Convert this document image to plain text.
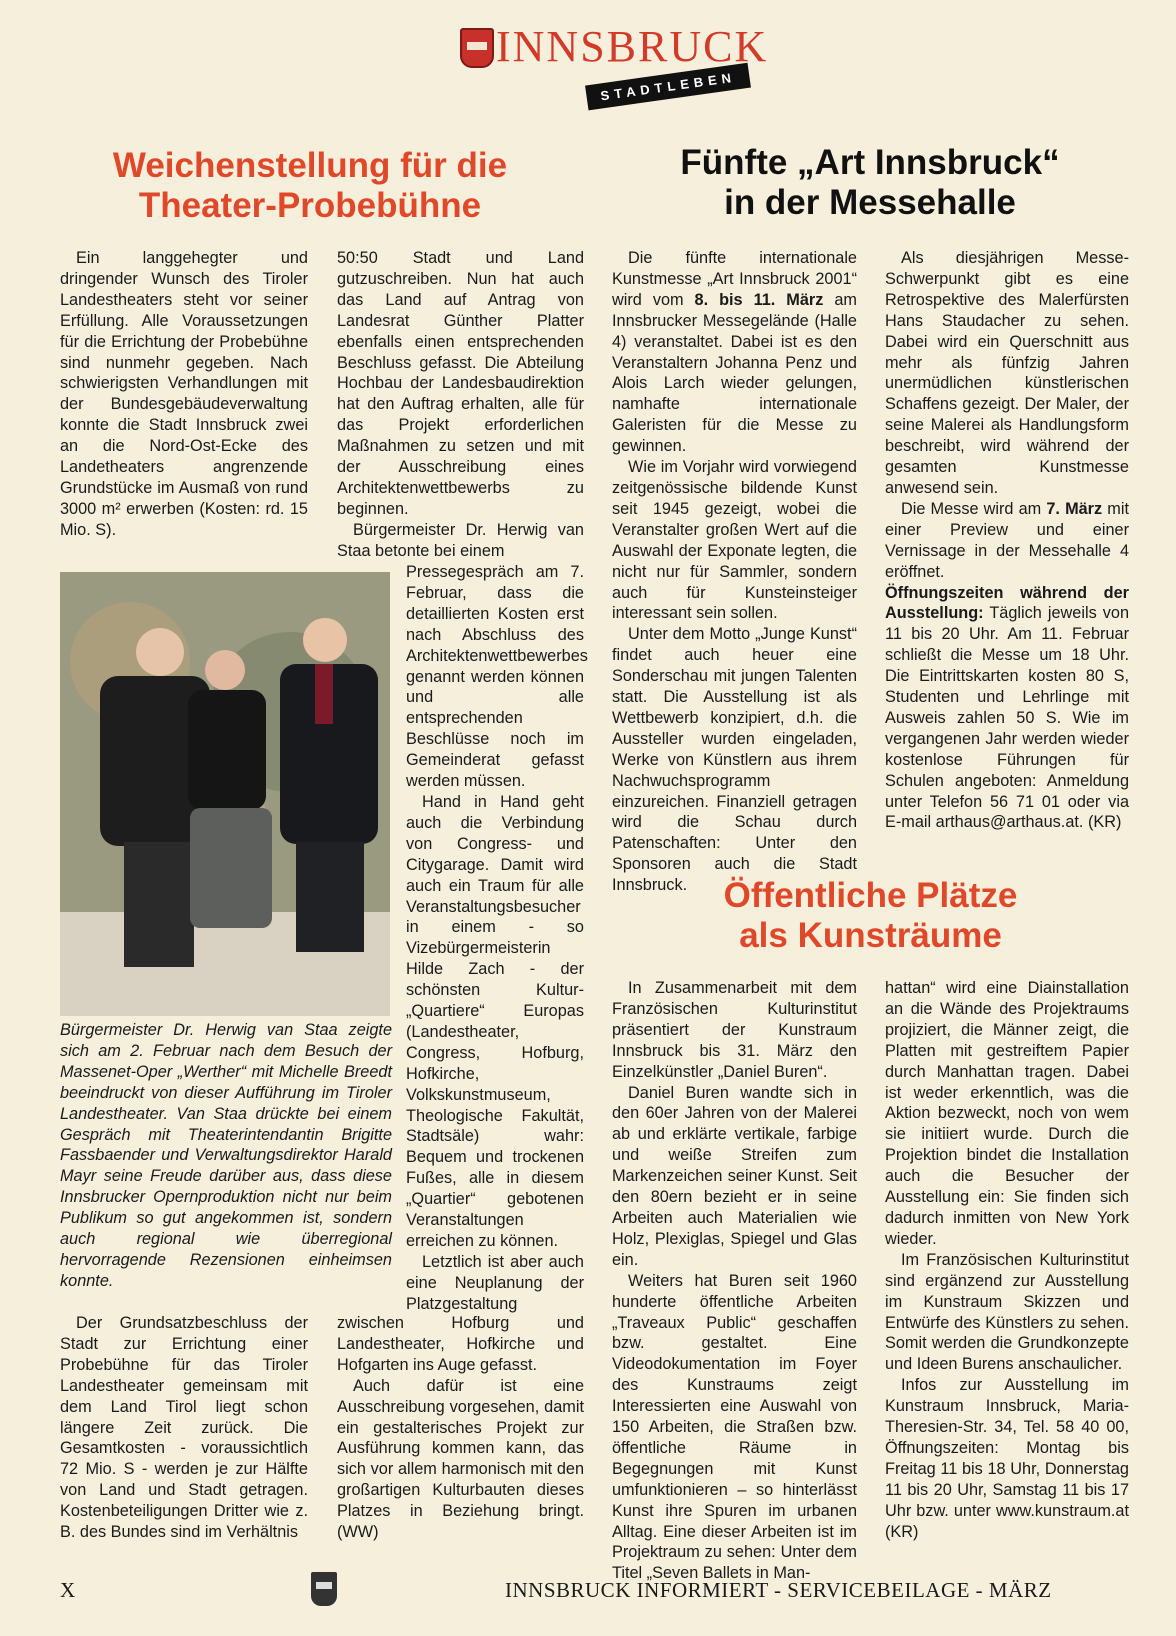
INNSBRUCK
STADTLEBEN
Weichenstellung für die
Theater-Probebühne
Fünfte „Art Innsbruck“
in der Messehalle

Ein langgehegter und dringender Wunsch des Tiroler Landestheaters steht vor seiner Erfüllung. Alle Voraussetzungen für die Errichtung der Probebühne sind nunmehr gegeben. Nach schwierigsten Verhandlungen mit der Bundesgebäudeverwaltung konnte die Stadt Innsbruck zwei an die Nord-Ost-Ecke des Landetheaters angrenzende Grundstücke im Ausmaß von rund 3000 m² erwerben (Kosten: rd. 15 Mio. S).

Bürgermeister Dr. Herwig van Staa zeigte sich am 2. Februar nach dem Besuch der Massenet-Oper „Werther“ mit Michelle Breedt beeindruckt von dieser Aufführung im Tiroler Landestheater. Van Staa drückte bei einem Gespräch mit Theaterintendantin Brigitte Fassbaender und Verwaltungsdirektor Harald Mayr seine Freude darüber aus, dass diese Innsbrucker Opernproduktion nicht nur beim Publikum so gut angekommen ist, sondern auch regional wie überregional hervorragende Rezensionen einheimsen konnte.

Der Grundsatzbeschluss der Stadt zur Errichtung einer Probebühne für das Tiroler Landestheater gemeinsam mit dem Land Tirol liegt schon längere Zeit zurück. Die Gesamtkosten - voraussichtlich 72 Mio. S - werden je zur Hälfte von Land und Stadt getragen. Kostenbeteiligungen Dritter wie z. B. des Bundes sind im Verhältnis

50:50 Stadt und Land gutzuschreiben. Nun hat auch das Land auf Antrag von Landesrat Günther Platter ebenfalls einen entsprechenden Beschluss gefasst. Die Abteilung Hochbau der Landesbaudirektion hat den Auftrag erhalten, alle für das Projekt erforderlichen Maßnahmen zu setzen und mit der Ausschreibung eines Architektenwettbewerbs zu beginnen.

Bürgermeister Dr. Herwig van Staa betonte bei einem

Pressegespräch am 7. Februar, dass die detaillierten Kosten erst nach Abschluss des Architektenwettbewerbes genannt werden können und alle entsprechenden Beschlüsse noch im Gemeinderat gefasst werden müssen.

Hand in Hand geht auch die Verbindung von Congress- und Citygarage. Damit wird auch ein Traum für alle Veranstaltungsbesucher in einem - so Vizebürgermeisterin Hilde Zach - der schönsten Kultur-„Quartiere“ Europas (Landestheater, Congress, Hofburg, Hofkirche, Volkskunstmuseum, Theologische Fakultät, Stadtsäle) wahr: Bequem und trockenen Fußes, alle in diesem „Quartier“ gebotenen Veranstaltungen erreichen zu können.

Letztlich ist aber auch eine Neuplanung der Platzgestaltung

zwischen Hofburg und Landestheater, Hofkirche und Hofgarten ins Auge gefasst.

Auch dafür ist eine Ausschreibung vorgesehen, damit ein gestalterisches Projekt zur Ausführung kommen kann, das sich vor allem harmonisch mit den großartigen Kulturbauten dieses Platzes in Beziehung bringt. (WW)

Die fünfte internationale Kunstmesse „Art Innsbruck 2001“ wird vom 8. bis 11. März am Innsbrucker Messegelände (Halle 4) veranstaltet. Dabei ist es den Veranstaltern Johanna Penz und Alois Larch wieder gelungen, namhafte internationale Galeristen für die Messe zu gewinnen.

Wie im Vorjahr wird vorwiegend zeitgenössische bildende Kunst seit 1945 gezeigt, wobei die Veranstalter großen Wert auf die Auswahl der Exponate legten, die nicht nur für Sammler, sondern auch für Kunsteinsteiger interessant sein sollen.

Unter dem Motto „Junge Kunst“ findet auch heuer eine Sonderschau mit jungen Talenten statt. Die Ausstellung ist als Wettbewerb konzipiert, d.h. die Aussteller wurden eingeladen, Werke von Künstlern aus ihrem Nachwuchsprogramm einzureichen. Finanziell getragen wird die Schau durch Patenschaften: Unter den Sponsoren auch die Stadt Innsbruck.

Als diesjährigen Messe-Schwerpunkt gibt es eine Retrospektive des Malerfürsten Hans Staudacher zu sehen. Dabei wird ein Querschnitt aus mehr als fünfzig Jahren unermüdlichen künstlerischen Schaffens gezeigt. Der Maler, der seine Malerei als Handlungsform beschreibt, wird während der gesamten Kunstmesse anwesend sein.

Die Messe wird am 7. März mit einer Preview und einer Vernissage in der Messehalle 4 eröffnet.

Öffnungszeiten während der Ausstellung: Täglich jeweils von 11 bis 20 Uhr. Am 11. Februar schließt die Messe um 18 Uhr. Die Eintrittskarten kosten 80 S, Studenten und Lehrlinge mit Ausweis zahlen 50 S. Wie im vergangenen Jahr werden wieder kostenlose Führungen für Schulen angeboten: Anmeldung unter Telefon 56 71 01 oder via E-mail arthaus@arthaus.at. (KR)

Öffentliche Plätze
als Kunsträume

In Zusammenarbeit mit dem Französischen Kulturinstitut präsentiert der Kunstraum Innsbruck bis 31. März den Einzelkünstler „Daniel Buren“.

Daniel Buren wandte sich in den 60er Jahren von der Malerei ab und erklärte vertikale, farbige und weiße Streifen zum Markenzeichen seiner Kunst. Seit den 80ern bezieht er in seine Arbeiten auch Materialien wie Holz, Plexiglas, Spiegel und Glas ein.

Weiters hat Buren seit 1960 hunderte öffentliche Arbeiten „Traveaux Public“ geschaffen bzw. gestaltet. Eine Videodokumentation im Foyer des Kunstraums zeigt Interessierten eine Auswahl von 150 Arbeiten, die Straßen bzw. öffentliche Räume in Begegnungen mit Kunst umfunktionieren – so hinterlässt Kunst ihre Spuren im urbanen Alltag. Eine dieser Arbeiten ist im Projektraum zu sehen: Unter dem Titel „Seven Ballets in Man-

hattan“ wird eine Diainstallation an die Wände des Projektraums projiziert, die Männer zeigt, die Platten mit gestreiftem Papier durch Manhattan tragen. Dabei ist weder erkenntlich, was die Aktion bezweckt, noch von wem sie initiiert wurde. Durch die Projektion bindet die Installation auch die Besucher der Ausstellung ein: Sie finden sich dadurch inmitten von New York wieder.

Im Französischen Kulturinstitut sind ergänzend zur Ausstellung im Kunstraum Skizzen und Entwürfe des Künstlers zu sehen. Somit werden die Grundkonzepte und Ideen Burens anschaulicher.

Infos zur Ausstellung im Kunstraum Innsbruck, Maria-Theresien-Str. 34, Tel. 58 40 00, Öffnungszeiten: Montag bis Freitag 11 bis 18 Uhr, Donnerstag 11 bis 20 Uhr, Samstag 11 bis 17 Uhr bzw. unter www.kunstraum.at (KR)

X	INNSBRUCK INFORMIERT - SERVICEBEILAGE - MÄRZ
